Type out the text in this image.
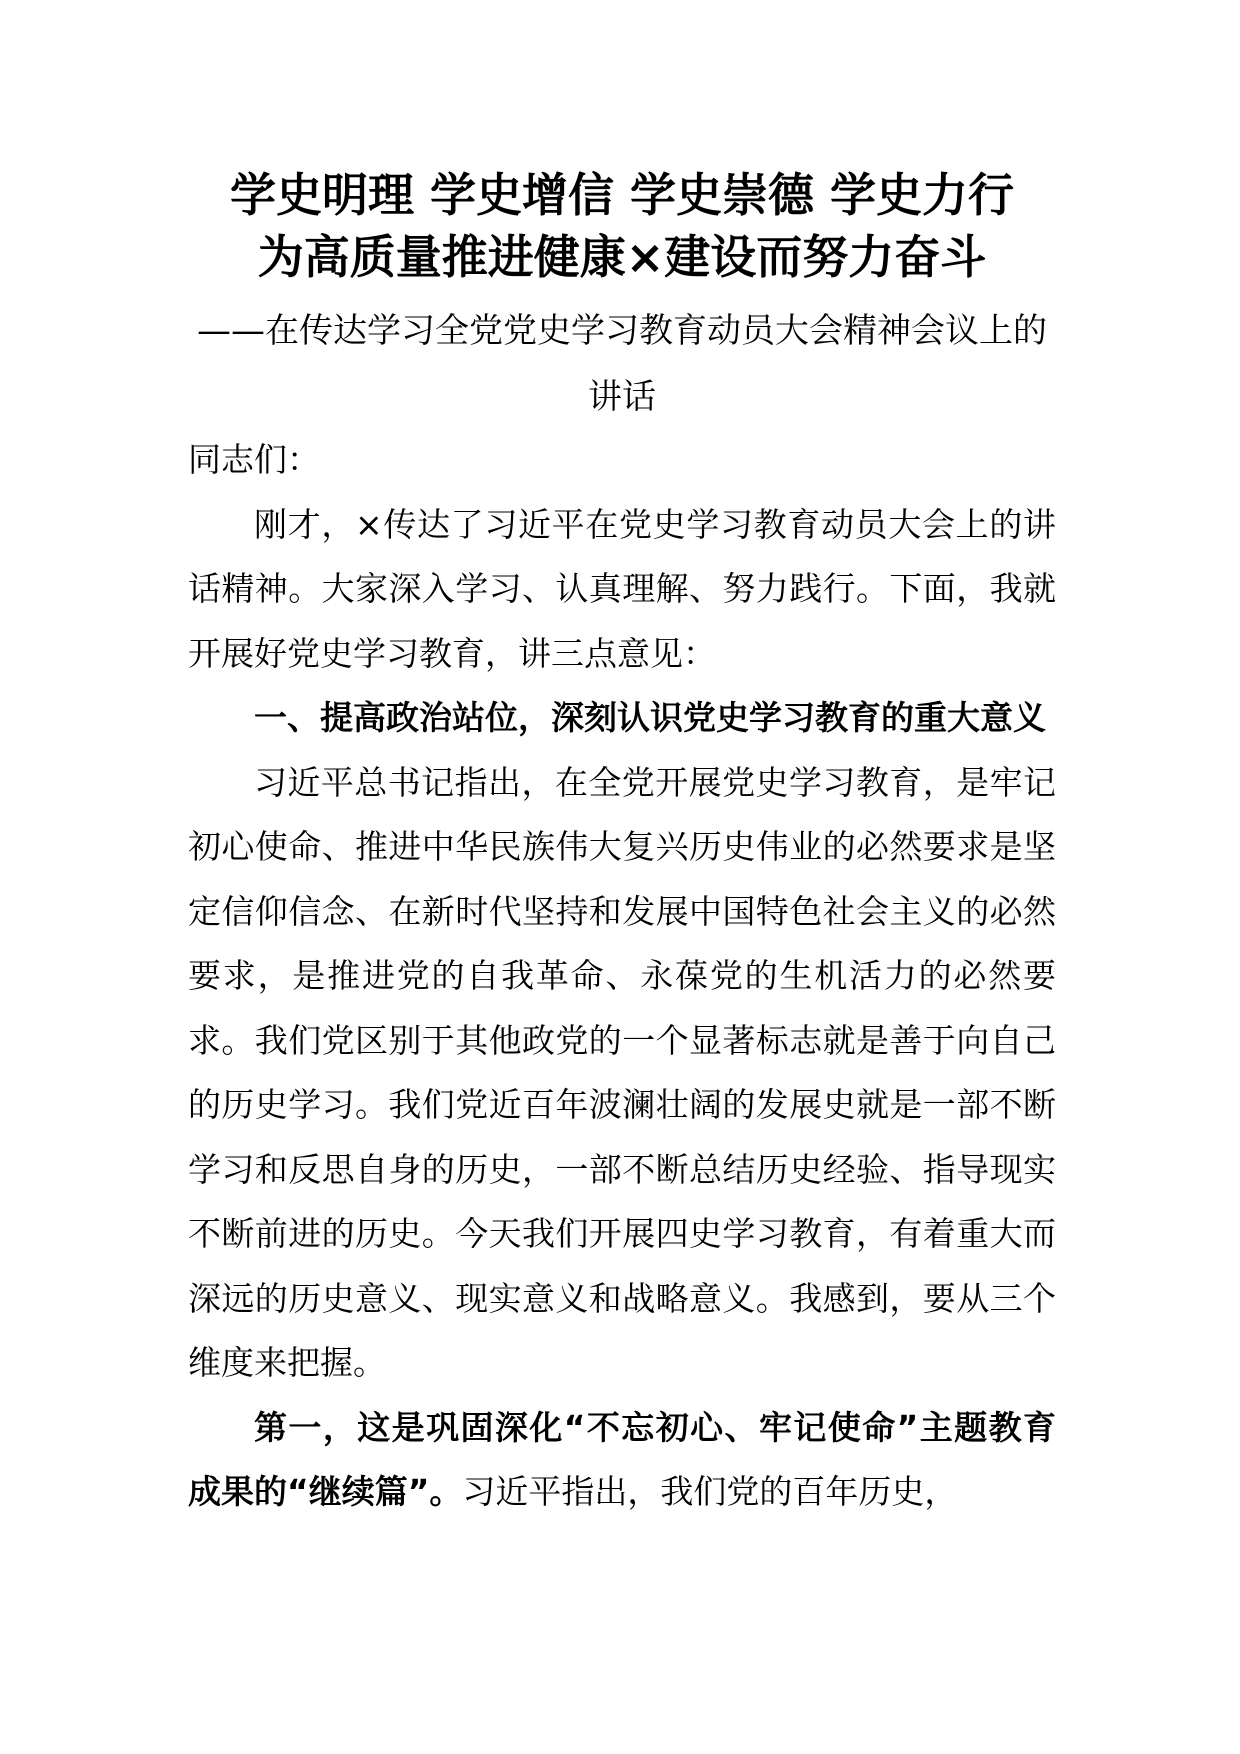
学史明理 学史增信 学史崇德 学史力行
为高质量推进健康×建设而努力奋斗
——在传达学习全党党史学习教育动员大会精神会议上的讲话

同志们：

刚才，×传达了习近平在党史学习教育动员大会上的讲话精神。大家深入学习、认真理解、努力践行。下面，我就开展好党史学习教育，讲三点意见：

一、提高政治站位，深刻认识党史学习教育的重大意义

习近平总书记指出，在全党开展党史学习教育，是牢记初心使命、推进中华民族伟大复兴历史伟业的必然要求是坚定信仰信念、在新时代坚持和发展中国特色社会主义的必然要求，是推进党的自我革命、永葆党的生机活力的必然要求。我们党区别于其他政党的一个显著标志就是善于向自己的历史学习。我们党近百年波澜壮阔的发展史就是一部不断学习和反思自身的历史，一部不断总结历史经验、指导现实不断前进的历史。今天我们开展四史学习教育，有着重大而深远的历史意义、现实意义和战略意义。我感到，要从三个维度来把握。

第一，这是巩固深化“不忘初心、牢记使命”主题教育成果的“继续篇”。习近平指出，我们党的百年历史，
